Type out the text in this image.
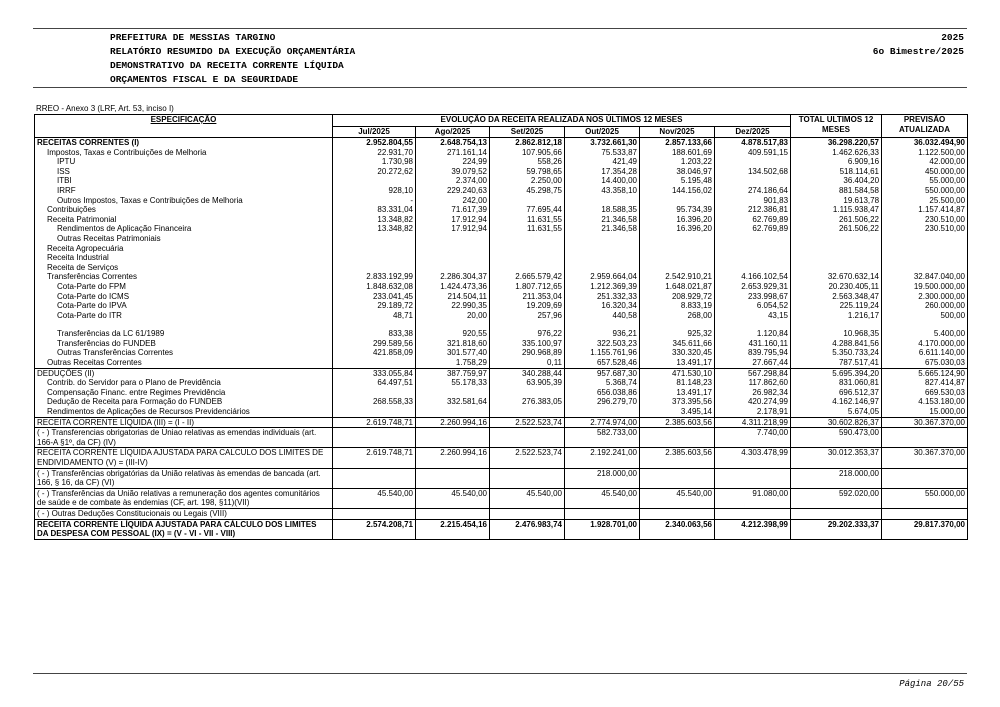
PREFEITURA DE MESSIAS TARGINO
RELATÓRIO RESUMIDO DA EXECUÇÃO ORÇAMENTÁRIA
DEMONSTRATIVO DA RECEITA CORRENTE LÍQUIDA
ORÇAMENTOS FISCAL E DA SEGURIDADE
2025
6o Bimestre/2025
RREO - Anexo 3 (LRF, Art. 53, inciso I)
ESPECIFICAÇÃO	EVOLUÇÃO DA RECEITA REALIZADA NOS ÚLTIMOS 12 MESES						TOTAL ULTIMOS 12 MESES	PREVISÃO ATUALIZADA
	Jul/2025	Ago/2025	Set/2025	Out/2025	Nov/2025	Dez/2025		
RECEITAS CORRENTES (I)	2.952.804,55	2.648.754,13	2.862.812,18	3.732.661,30	2.857.133,66	4.878.517,83	36.298.220,57	36.032.494,90
Impostos, Taxas e Contribuições de Melhoria	22.931,70	271.161,14	107.905,66	75.533,87	188.601,69	409.591,15	1.462.626,33	1.122.500,00
IPTU	1.730,98	224,99	558,26	421,49	1.203,22		6.909,16	42.000,00
ISS	20.272,62	39.079,52	59.798,65	17.354,28	38.046,97	134.502,68	518.114,61	450.000,00
ITBI		2.374,00	2.250,00	14.400,00	5.195,48		36.404,20	55.000,00
IRRF	928,10	229.240,63	45.298,75	43.358,10	144.156,02	274.186,64	881.584,58	550.000,00
Outros Impostos, Taxas e Contribuições de Melhoria	-	242,00				901,83	19.613,78	25.500,00
Contribuições	83.331,04	71.617,39	77.695,44	18.588,35	95.734,39	212.386,81	1.115.938,47	1.157.414,87
Receita Patrimonial	13.348,82	17.912,94	11.631,55	21.346,58	16.396,20	62.769,89	261.506,22	230.510,00
Rendimentos de Aplicação Financeira	13.348,82	17.912,94	11.631,55	21.346,58	16.396,20	62.769,89	261.506,22	230.510,00
Outras Receitas Patrimoniais								
Receita Agropecuária								
Receita Industrial								
Receita de Serviços								
Transferências Correntes	2.833.192,99	2.286.304,37	2.665.579,42	2.959.664,04	2.542.910,21	4.166.102,54	32.670.632,14	32.847.040,00
Cota-Parte do FPM	1.848.632,08	1.424.473,36	1.807.712,65	1.212.369,39	1.648.021,87	2.653.929,31	20.230.405,11	19.500.000,00
Cota-Parte do ICMS	233.041,45	214.504,11	211.353,04	251.332,33	208.929,72	233.998,67	2.563.348,47	2.300.000,00
Cota-Parte do IPVA	29.189,72	22.990,35	19.209,69	16.320,34	8.833,19	6.054,52	225.119,24	260.000,00
Cota-Parte do ITR	48,71	20,00	257,96	440,58	268,00	43,15	1.216,17	500,00

Transferências da LC 61/1989	833,38	920,55	976,22	936,21	925,32	1.120,84	10.968,35	5.400,00
Transferências do FUNDEB	299.589,56	321.818,60	335.100,97	322.503,23	345.611,66	431.160,11	4.288.841,56	4.170.000,00
Outras Transferências Correntes	421.858,09	301.577,40	290.968,89	1.155.761,96	330.320,45	839.795,94	5.350.733,24	6.611.140,00
Outras Receitas Correntes		1.758,29	0,11	657.528,46	13.491,17	27.667,44	787.517,41	675.030,03
DEDUÇÕES (II)	333.055,84	387.759,97	340.288,44	957.687,30	471.530,10	567.298,84	5.695.394,20	5.665.124,90
Contrib. do Servidor para o Plano de Previdência	64.497,51	55.178,33	63.905,39	5.368,74	81.148,23	117.862,60	831.060,81	827.414,87
Compensação Financ. entre Regimes Previdência				656.038,86	13.491,17	26.982,34	696.512,37	669.530,03
Dedução de Receita para Formação do FUNDEB	268.558,33	332.581,64	276.383,05	296.279,70	373.395,56	420.274,99	4.162.146,97	4.153.180,00
Rendimentos de Aplicações de Recursos Previdenciários					3.495,14	2.178,91	5.674,05	15.000,00
RECEITA CORRENTE LÍQUIDA (III) = (I - II)	2.619.748,71	2.260.994,16	2.522.523,74	2.774.974,00	2.385.603,56	4.311.218,99	30.602.826,37	30.367.370,00
( - ) Transferencias obrigatorias de Uniao relativas as emendas individuais (art. 166-A §1º, da CF) (IV)				582.733,00		7.740,00	590.473,00	
RECEITA CORRENTE LÍQUIDA AJUSTADA PARA CALCULO DOS LIMITES DE ENDIVIDAMENTO (V) = (III-IV)	2.619.748,71	2.260.994,16	2.522.523,74	2.192.241,00	2.385.603,56	4.303.478,99	30.012.353,37	30.367.370,00
( - ) Transferências obrigatórias da União relativas às emendas de bancada (art. 166, § 16, da CF) (VI)				218.000,00			218.000,00	
( - ) Transferências da União relativas a remuneração dos agentes comunitários de saúde e de combate às endemias (CF, art. 198, §11)(VII)	45.540,00	45.540,00	45.540,00	45.540,00	45.540,00	91.080,00	592.020,00	550.000,00
( - ) Outras Deduções Constitucionais ou Legais (VIII)								
RECEITA CORRENTE LÍQUIDA AJUSTADA PARA CÁLCULO DOS LIMITES DA DESPESA COM PESSOAL (IX) = (V - VI - VII - VIII)	2.574.208,71	2.215.454,16	2.476.983,74	1.928.701,00	2.340.063,56	4.212.398,99	29.202.333,37	29.817.370,00
Página 20/55
